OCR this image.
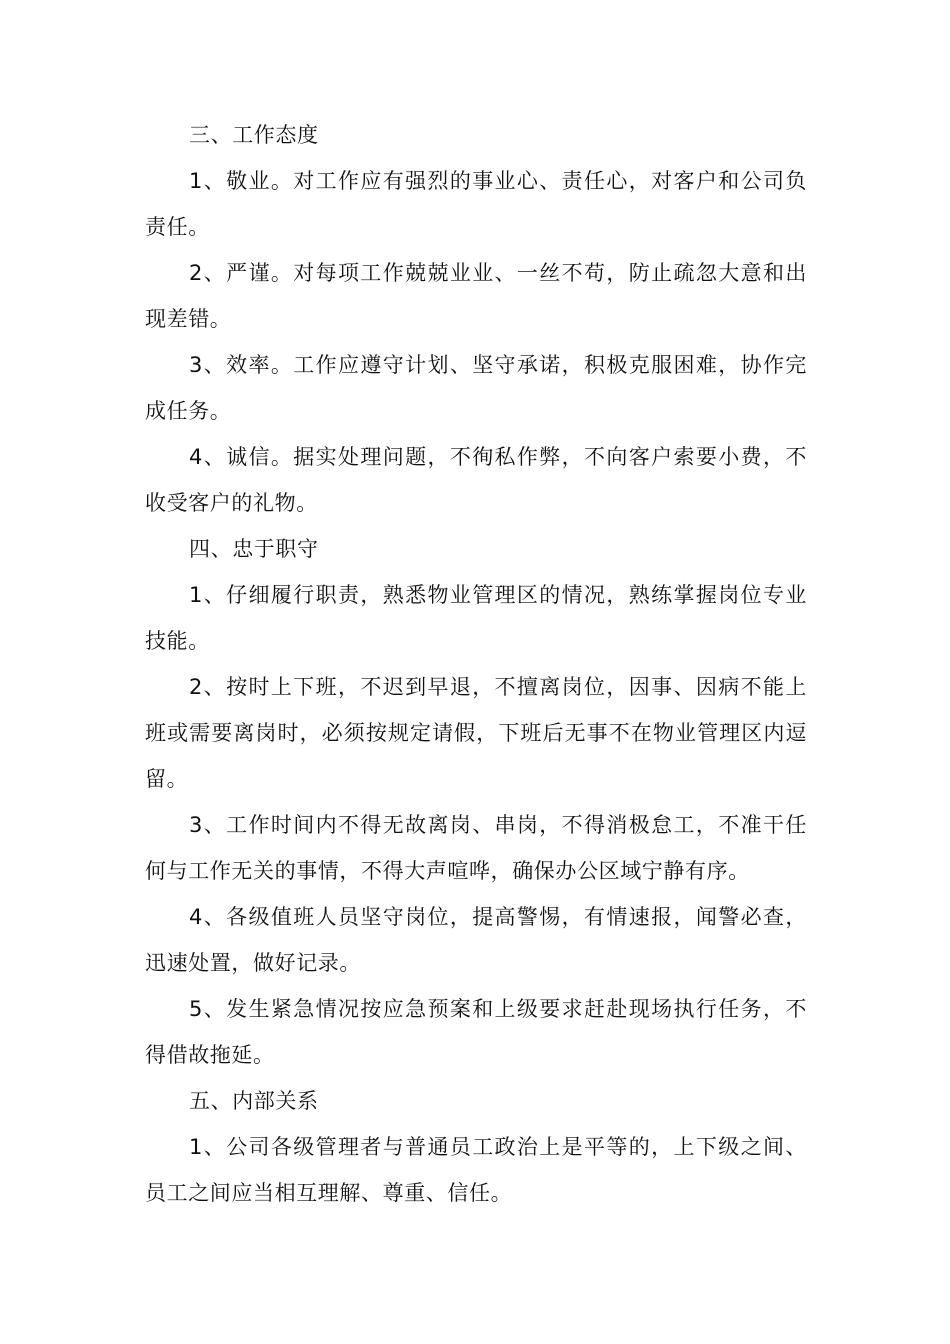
三、工作态度

1、敬业。对工作应有强烈的事业心、责任心，对客户和公司负责任。

2、严谨。对每项工作兢兢业业、一丝不苟，防止疏忽大意和出现差错。

3、效率。工作应遵守计划、坚守承诺，积极克服困难，协作完成任务。

4、诚信。据实处理问题，不徇私作弊，不向客户索要小费，不收受客户的礼物。

四、忠于职守

1、仔细履行职责，熟悉物业管理区的情况，熟练掌握岗位专业技能。

2、按时上下班，不迟到早退，不擅离岗位，因事、因病不能上班或需要离岗时，必须按规定请假，下班后无事不在物业管理区内逗留。

3、工作时间内不得无故离岗、串岗，不得消极怠工，不准干任何与工作无关的事情，不得大声喧哗，确保办公区域宁静有序。

4、各级值班人员坚守岗位，提高警惕，有情速报，闻警必查，迅速处置，做好记录。

5、发生紧急情况按应急预案和上级要求赶赴现场执行任务，不得借故拖延。

五、内部关系

1、公司各级管理者与普通员工政治上是平等的，上下级之间、员工之间应当相互理解、尊重、信任。
